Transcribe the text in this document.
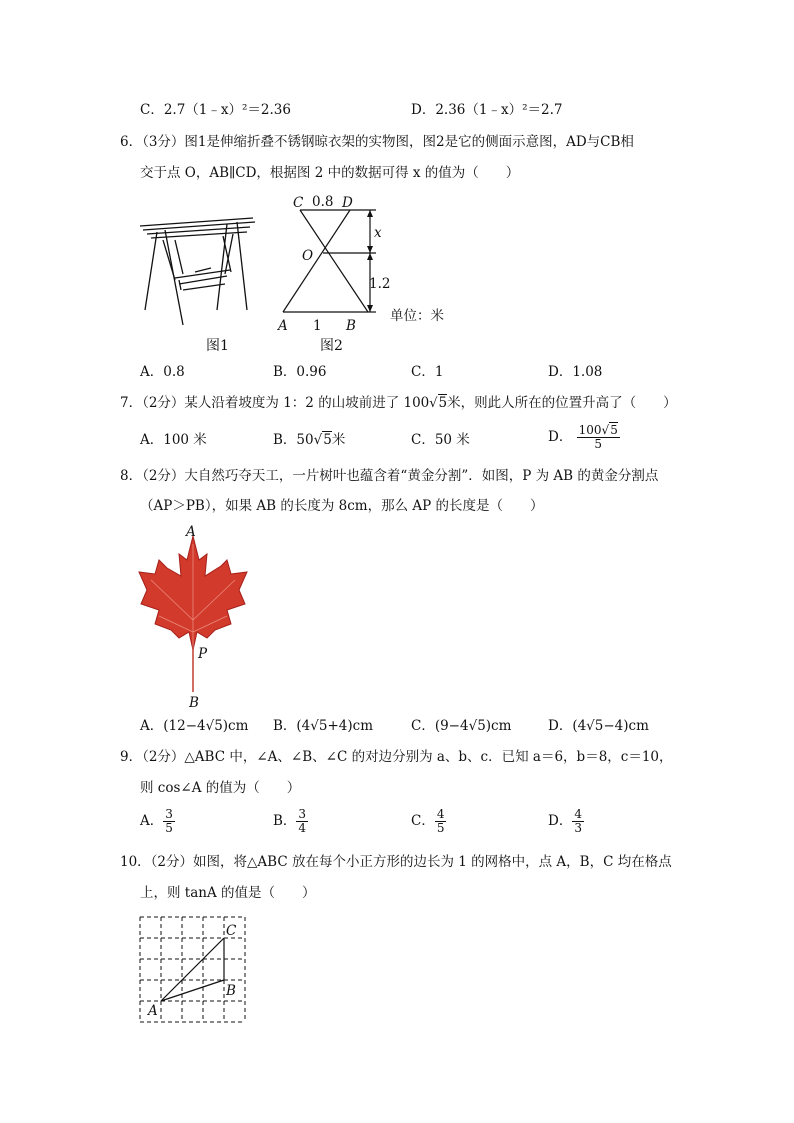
C．2.7（1﹣x）²＝2.36	D．2.36（1﹣x）²＝2.7
6．（3分）图1是伸缩折叠不锈钢晾衣架的实物图，图2是它的侧面示意图，AD与CB相
交于点 O，AB∥CD，根据图 2 中的数据可得 x 的值为（　　）
图1
C 0.8 D
O
x
1.2
单位：米
A 1 B
图2
A．0.8	B．0.96	C．1	D．1.08
7．（2分）某人沿着坡度为 1：2 的山坡前进了 100√5米，则此人所在的位置升高了（　　）
A．100 米	B．50√5米	C．50 米	D． $\frac{100√5}{5}$
8．（2分）大自然巧夺天工，一片树叶也蕴含着“黄金分割”．如图，P 为 AB 的黄金分割点
（AP＞PB），如果 AB 的长度为 8cm，那么 AP 的长度是（　　）
A
P
B
A．(12−4√5)cm B．(4√5+4)cm	C．(9−4√5)cm	D．(4√5−4)cm
9．（2分）△ABC 中，∠A、∠B、∠C 的对边分别为 a、b、c．已知 a＝6，b＝8，c＝10，
则 cos∠A 的值为（　　）
A． $\frac{3}{5}$	B． $\frac{3}{4}$	C． $\frac{4}{5}$	D． $\frac{4}{3}$
10．（2分）如图，将△ABC 放在每个小正方形的边长为 1 的网格中，点 A，B，C 均在格点
上，则 tanA 的值是（　　）
A
B
C
